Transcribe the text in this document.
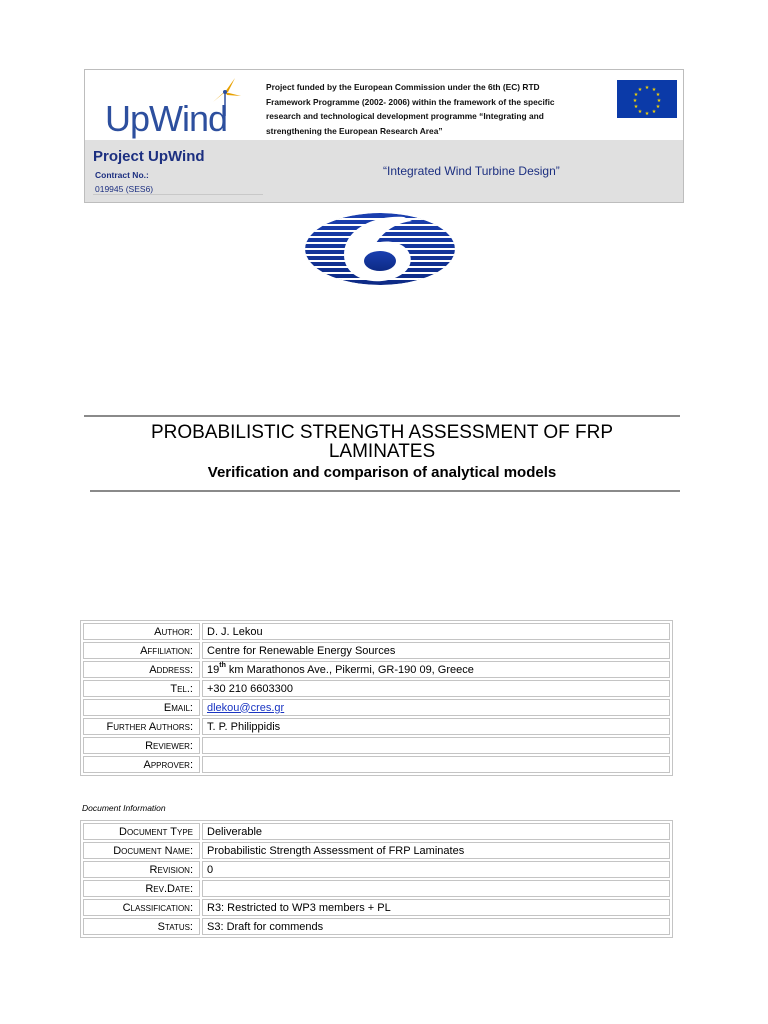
UpWind
Project funded by the European Commission under the 6th (EC) RTD
Framework Programme (2002- 2006) within the framework of the specific
research and technological development programme “Integrating and
strengthening the European Research Area”
★ ★
★
★
★
★
★
★
★
★
★
★
Project UpWind
Contract No.:
019945 (SES6)
“Integrated Wind Turbine Design”
PROBABILISTIC STRENGTH ASSESSMENT OF FRP
LAMINATES
Verification and comparison of analytical models
Author:	D. J. Lekou
Affiliation:	Centre for Renewable Energy Sources
Address:	19th km Marathonos Ave., Pikermi, GR-190 09, Greece
Tel.:	+30 210 6603300
Email:	dlekou@cres.gr
Further Authors:	T. P. Philippidis
Reviewer:	
Approver:	
Document Information
Document Type	Deliverable
Document Name:	Probabilistic Strength Assessment of FRP Laminates
Revision:	0
Rev.Date:	
Classification:	R3: Restricted to WP3 members + PL
Status:	S3: Draft for commends
